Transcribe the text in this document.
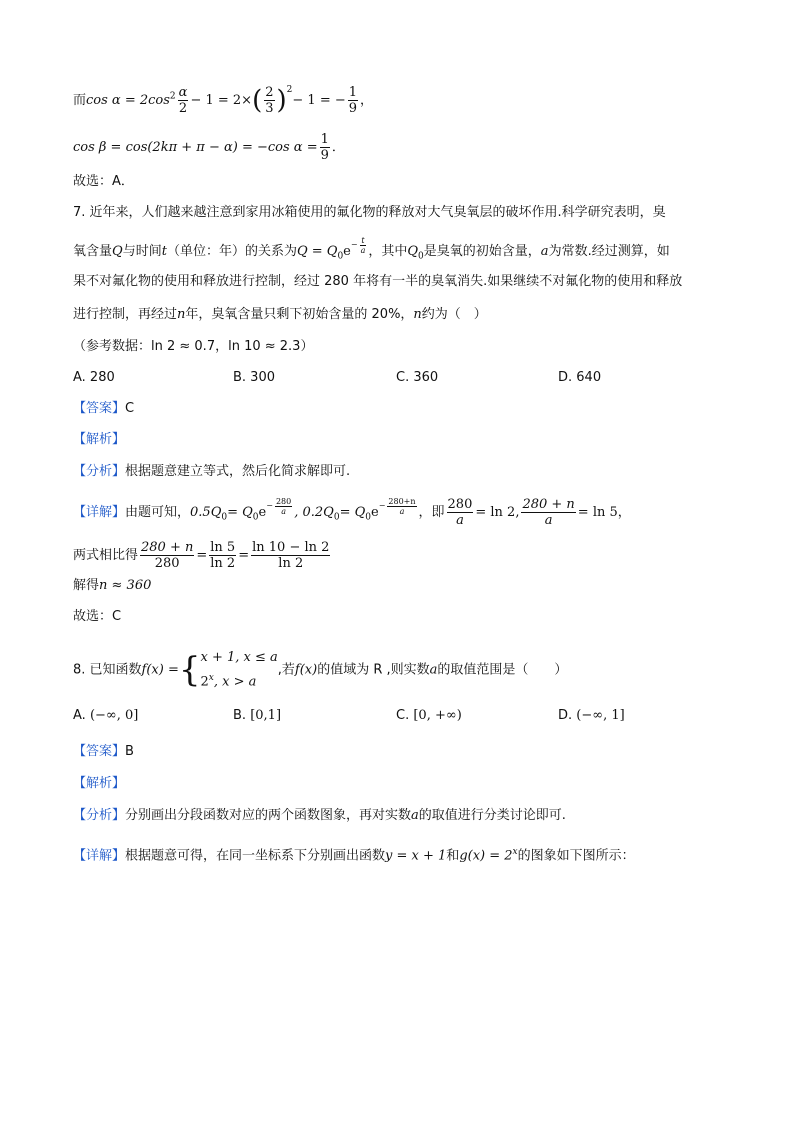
而$\cos \alpha = 2\cos^2 \frac{\alpha}{2} - 1 = 2\times( \frac{2}{3} )^2- 1$ = − $\frac{1}{9}$ ，
cos β = cos(2kπ + π − α) = −cos $\alpha = \frac{1}{9}$ ．
故选：A．
7. 近年来，人们越来越注意到家用冰箱使用的氟化物的释放对大气臭氧层的破坏作用.科学研究表明，臭
氧含量Q与时间t（单位：年）的关系为$Q = Q_0e- \frac{t}{a}$ ，其中$Q_0$是臭氧的初始含量，a为常数.经过测算，如
果不对氟化物的使用和释放进行控制，经过 280 年将有一半的臭氧消失.如果继续不对氟化物的使用和释放
进行控制，再经过n年，臭氧含量只剩下初始含量的 20%，n约为（　）
（参考数据：ln 2 ≈ 0.7，ln 10 ≈ 2.3）
A. 280	B. 300	C. 360	D. 640
【答案】C
【解析】
【分析】根据题意建立等式，然后化简求解即可.
【详解】由题可知，$0.5Q_0= Q_0e- \frac{280}{a}$ , $0.2Q_0= Q_0e- \frac{280+n}{a}$ ，即 $\frac{280}{a} = \ln 2$, $\frac{280 + n}{a} = \ln 5$，
两式相比得 $\frac{280 + n}{280} = \frac{\ln 5}{\ln 2} = \frac{\ln 10 - \ln 2}{\ln 2}$
解得n ≈ 360
故选：C
8. 已知函数f(x) ={ x + 1, x ≤ a
2$^x$, x > a
,若f(x)的值域为 R ,则实数a的取值范围是（　　）
A. (−∞, 0]	B. [0,1]	C. [0, +∞)	D. (−∞, 1]
【答案】B
【解析】
【分析】分别画出分段函数对应的两个函数图象，再对实数a的取值进行分类讨论即可.
【详解】根据题意可得，在同一坐标系下分别画出函数y = x + 1和$g(x) = 2^x$的图象如下图所示：
